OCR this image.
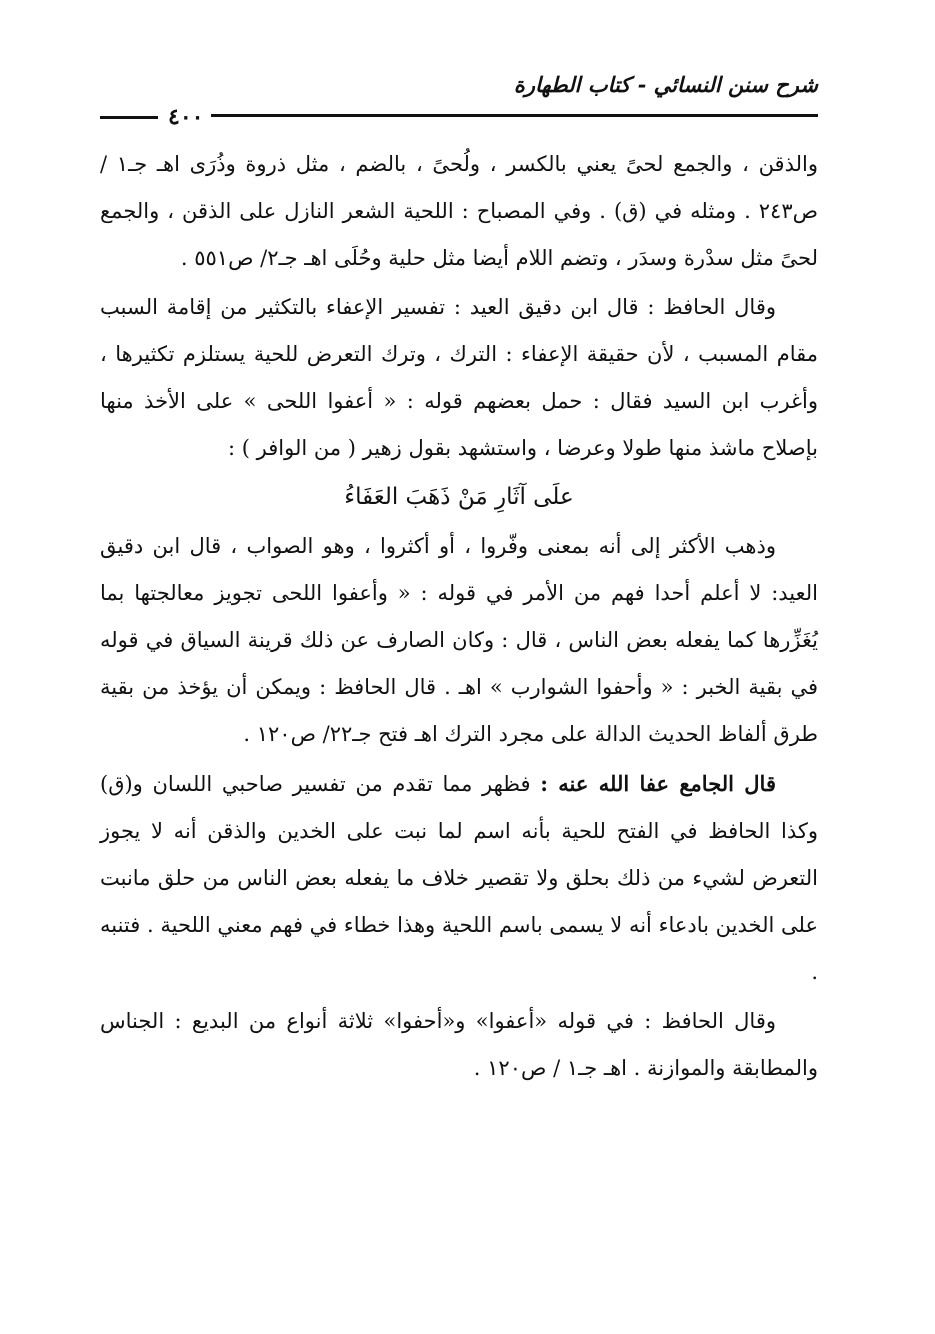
شرح سنن النسائي - كتاب الطهارة
٤٠٠

والذقن ، والجمع لحىً يعني بالكسر ، ولُحىً ، بالضم ، مثل ذروة وذُرَى اهـ جـ١ / ص٢٤٣ . ومثله في (ق) . وفي المصباح : اللحية الشعر النازل على الذقن ، والجمع لحىً مثل سدْرة وسدَر ، وتضم اللام أيضا مثل حلية وحُلَى اهـ جـ٢/ ص٥٥١ .

وقال الحافظ : قال ابن دقيق العيد : تفسير الإعفاء بالتكثير من إقامة السبب مقام المسبب ، لأن حقيقة الإعفاء : الترك ، وترك التعرض للحية يستلزم تكثيرها ، وأغرب ابن السيد فقال : حمل بعضهم قوله : « أعفوا اللحى » على الأخذ منها بإصلاح ماشذ منها طولا وعرضا ، واستشهد بقول زهير ( من الوافر ) :

علَى آثَارِ مَنْ ذَهَبَ العَفَاءُ

وذهب الأكثر إلى أنه بمعنى وفّروا ، أو أكثروا ، وهو الصواب ، قال ابن دقيق العيد: لا أعلم أحدا فهم من الأمر في قوله : « وأعفوا اللحى تجويز معالجتها بما يُغَزِّرها كما يفعله بعض الناس ، قال : وكان الصارف عن ذلك قرينة السياق في قوله في بقية الخبر : « وأحفوا الشوارب » اهـ . قال الحافظ : ويمكن أن يؤخذ من بقية طرق ألفاظ الحديث الدالة على مجرد الترك اهـ فتح جـ٢٢/ ص١٢٠ .

قال الجامع عفا الله عنه : فظهر مما تقدم من تفسير صاحبي اللسان و(ق) وكذا الحافظ في الفتح للحية بأنه اسم لما نبت على الخدين والذقن أنه لا يجوز التعرض لشيء من ذلك بحلق ولا تقصير خلاف ما يفعله بعض الناس من حلق مانبت على الخدين بادعاء أنه لا يسمى باسم اللحية وهذا خطاء في فهم معني اللحية . فتنبه .

وقال الحافظ : في قوله «أعفوا» و«أحفوا» ثلاثة أنواع من البديع : الجناس والمطابقة والموازنة . اهـ جـ١ / ص١٢٠ .
